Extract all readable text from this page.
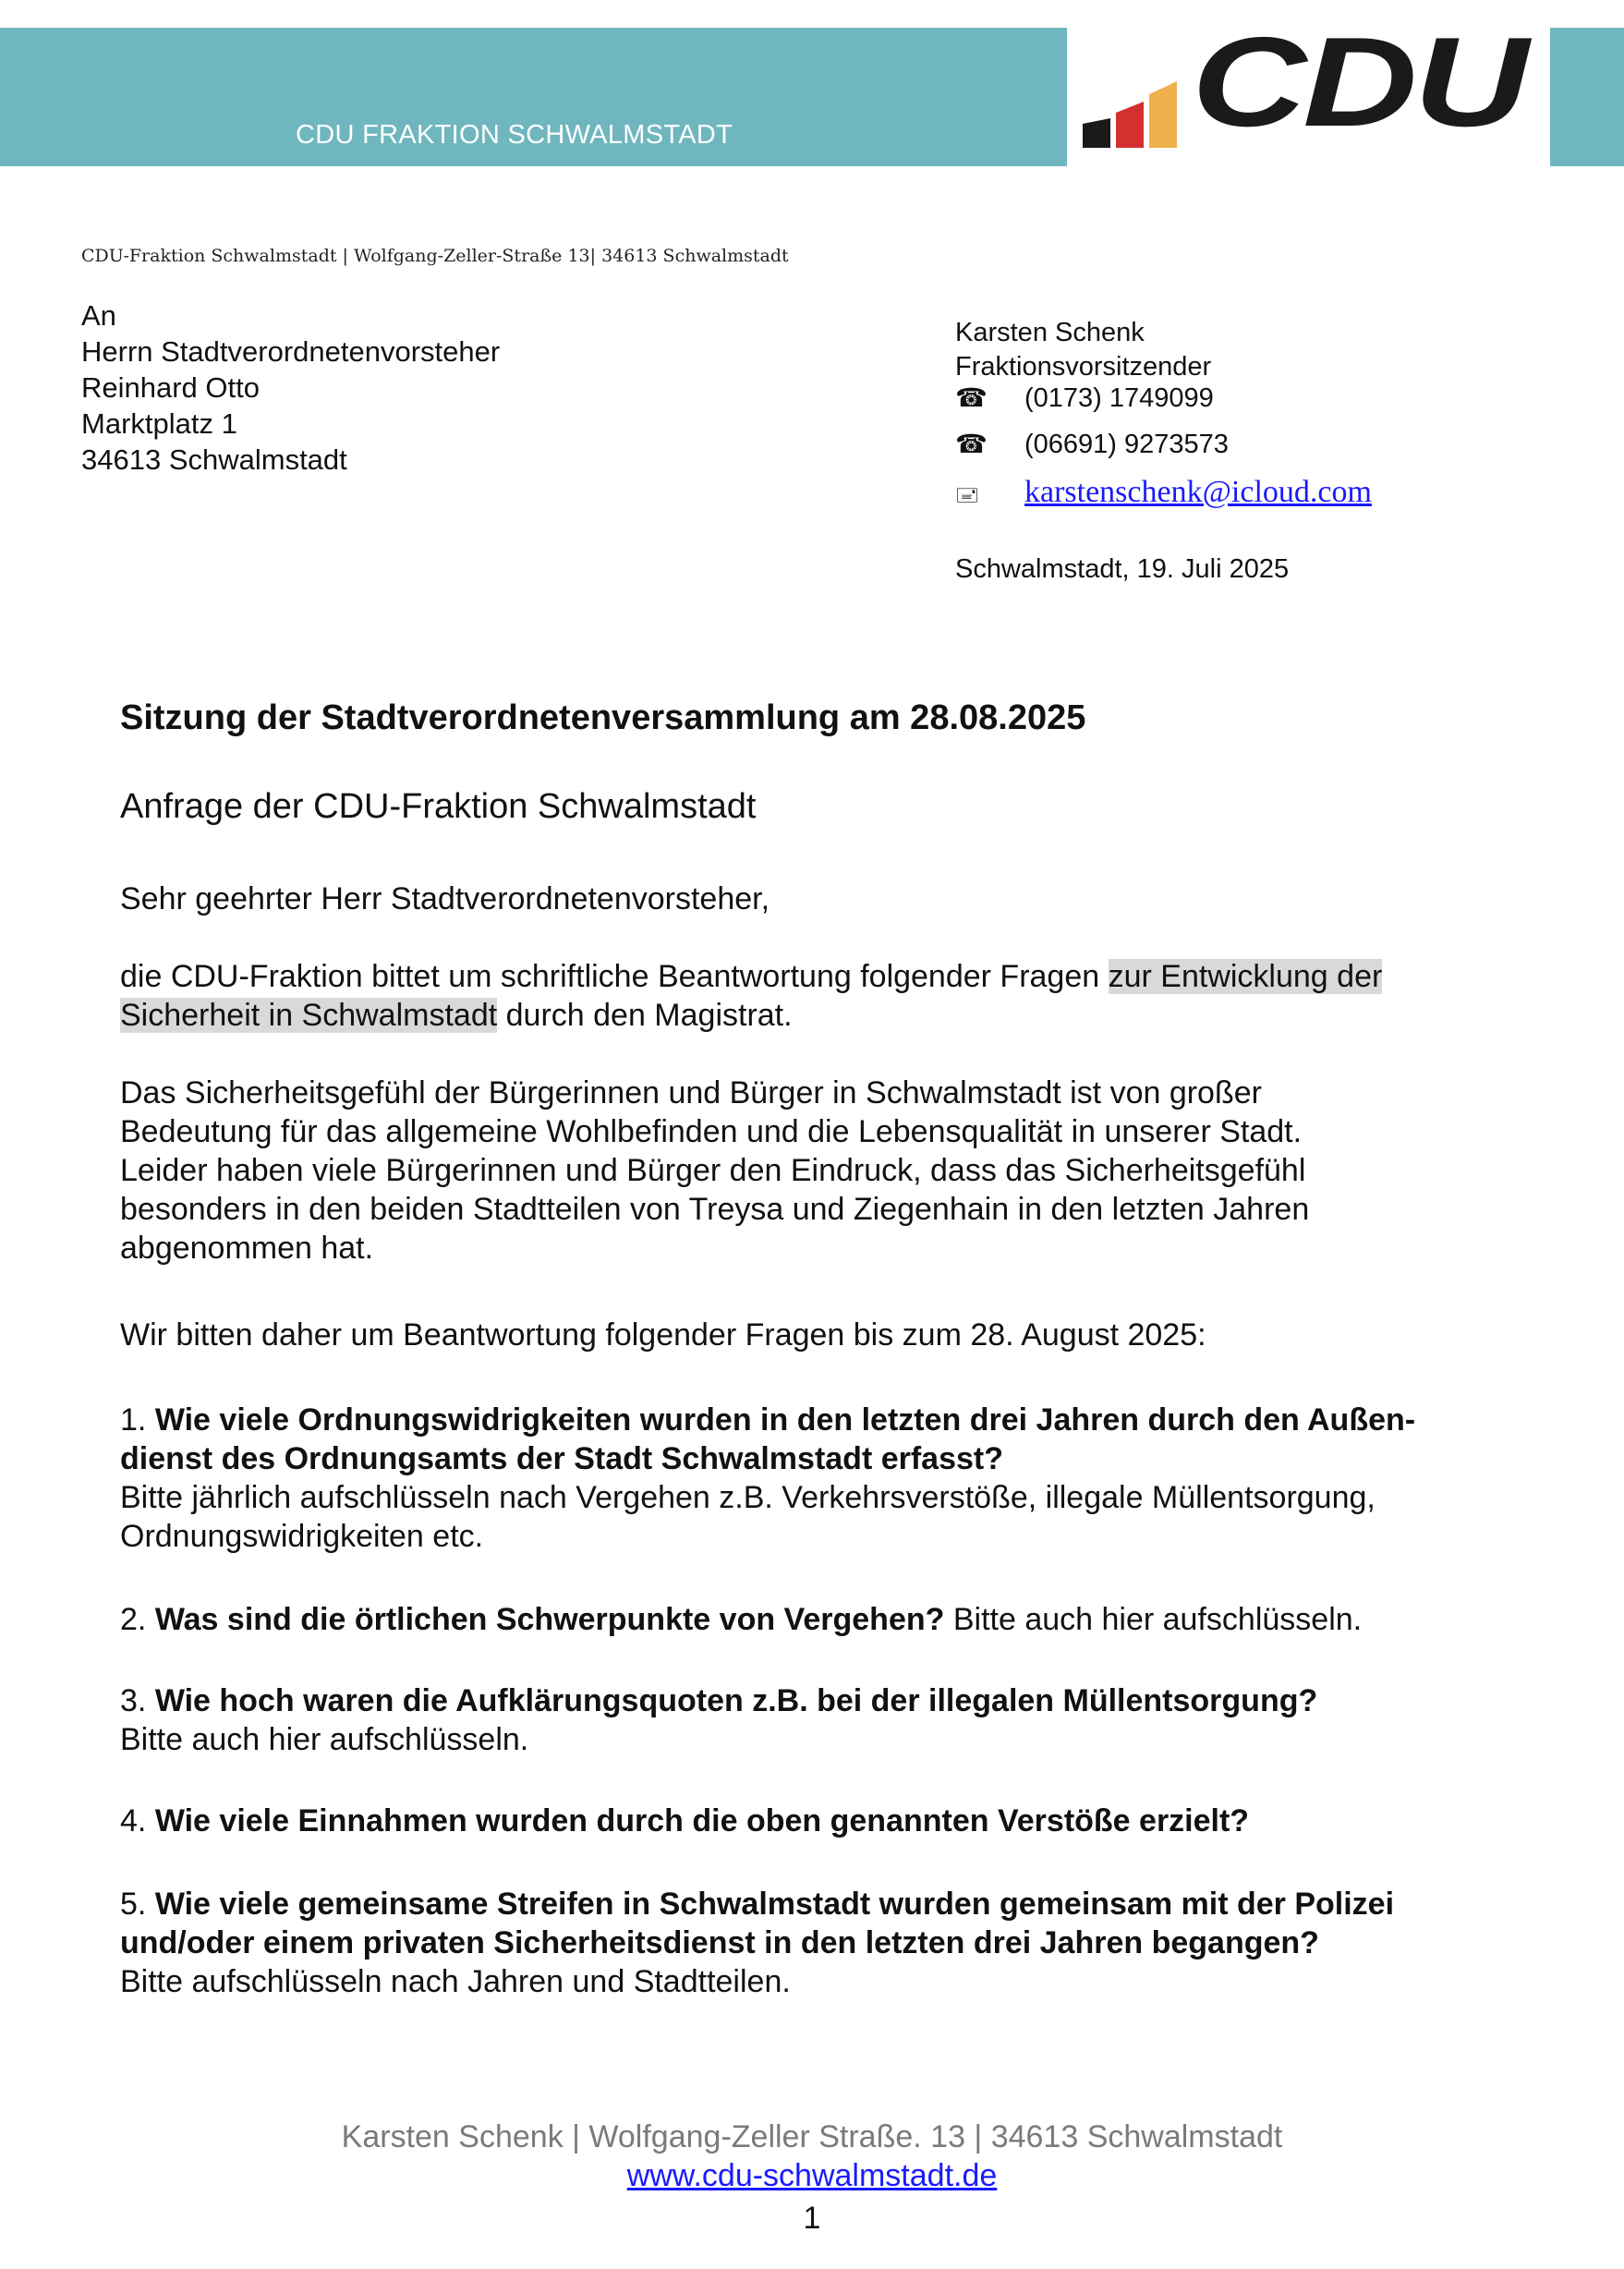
CDU FRAKTION SCHWALMSTADT	CDU
CDU-Fraktion Schwalmstadt | Wolfgang-Zeller-Straße 13| 34613 Schwalmstadt
An
Herrn Stadtverordnetenvorsteher
Reinhard Otto
Marktplatz 1
34613 Schwalmstadt
Karsten Schenk
Fraktionsvorsitzender
☎ (0173) 1749099
☎ (06691) 9273573
🖃 karstenschenk@icloud.com
Schwalmstadt, 19. Juli 2025
Sitzung der Stadtverordnetenversammlung am 28.08.2025
Anfrage der CDU-Fraktion Schwalmstadt
Sehr geehrter Herr Stadtverordnetenvorsteher,
die CDU-Fraktion bittet um schriftliche Beantwortung folgender Fragen zur Entwicklung der
Sicherheit in Schwalmstadt durch den Magistrat.
Das Sicherheitsgefühl der Bürgerinnen und Bürger in Schwalmstadt ist von großer
Bedeutung für das allgemeine Wohlbefinden und die Lebensqualität in unserer Stadt.
Leider haben viele Bürgerinnen und Bürger den Eindruck, dass das Sicherheitsgefühl
besonders in den beiden Stadtteilen von Treysa und Ziegenhain in den letzten Jahren
abgenommen hat.
Wir bitten daher um Beantwortung folgender Fragen bis zum 28. August 2025:
1. Wie viele Ordnungswidrigkeiten wurden in den letzten drei Jahren durch den Außen-
dienst des Ordnungsamts der Stadt Schwalmstadt erfasst?
Bitte jährlich aufschlüsseln nach Vergehen z.B. Verkehrsverstöße, illegale Müllentsorgung,
Ordnungswidrigkeiten etc.
2. Was sind die örtlichen Schwerpunkte von Vergehen? Bitte auch hier aufschlüsseln.
3. Wie hoch waren die Aufklärungsquoten z.B. bei der illegalen Müllentsorgung?
Bitte auch hier aufschlüsseln.
4. Wie viele Einnahmen wurden durch die oben genannten Verstöße erzielt?
5. Wie viele gemeinsame Streifen in Schwalmstadt wurden gemeinsam mit der Polizei
und/oder einem privaten Sicherheitsdienst in den letzten drei Jahren begangen?
Bitte aufschlüsseln nach Jahren und Stadtteilen.
Karsten Schenk | Wolfgang-Zeller Straße. 13 | 34613 Schwalmstadt
www.cdu-schwalmstadt.de
1
